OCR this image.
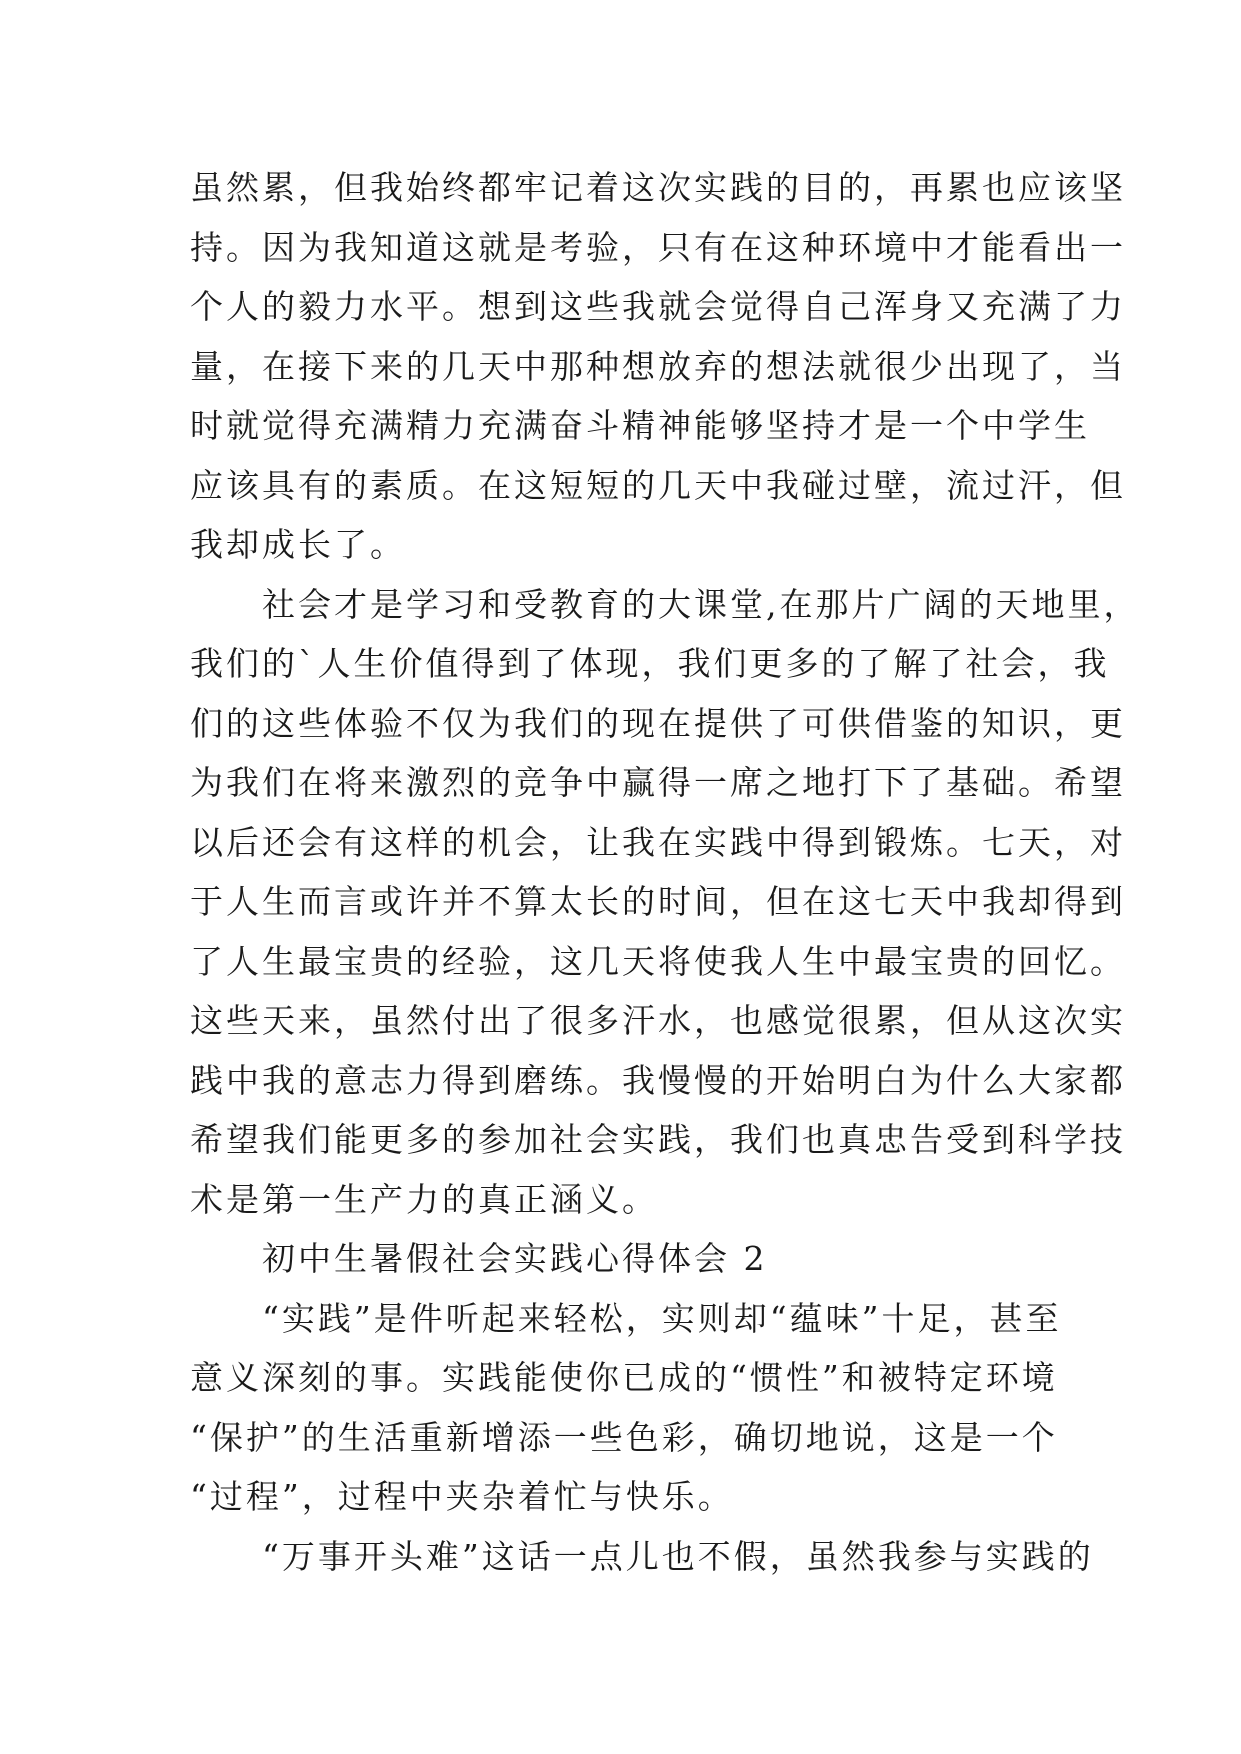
虽然累，但我始终都牢记着这次实践的目的，再累也应该坚
持。因为我知道这就是考验，只有在这种环境中才能看出一
个人的毅力水平。想到这些我就会觉得自己浑身又充满了力
量，在接下来的几天中那种想放弃的想法就很少出现了，当
时就觉得充满精力充满奋斗精神能够坚持才是一个中学生
应该具有的素质。在这短短的几天中我碰过壁，流过汗，但
我却成长了。
　　社会才是学习和受教育的大课堂,在那片广阔的天地里，
我们的`人生价值得到了体现，我们更多的了解了社会，我
们的这些体验不仅为我们的现在提供了可供借鉴的知识，更
为我们在将来激烈的竞争中赢得一席之地打下了基础。希望
以后还会有这样的机会，让我在实践中得到锻炼。七天，对
于人生而言或许并不算太长的时间，但在这七天中我却得到
了人生最宝贵的经验，这几天将使我人生中最宝贵的回忆。
这些天来，虽然付出了很多汗水，也感觉很累，但从这次实
践中我的意志力得到磨练。我慢慢的开始明白为什么大家都
希望我们能更多的参加社会实践，我们也真忠告受到科学技
术是第一生产力的真正涵义。
　　初中生暑假社会实践心得体会 2
　　“实践”是件听起来轻松，实则却“蕴味”十足，甚至
意义深刻的事。实践能使你已成的“惯性”和被特定环境
“保护”的生活重新增添一些色彩，确切地说，这是一个
“过程”，过程中夹杂着忙与快乐。
　　“万事开头难”这话一点儿也不假，虽然我参与实践的
